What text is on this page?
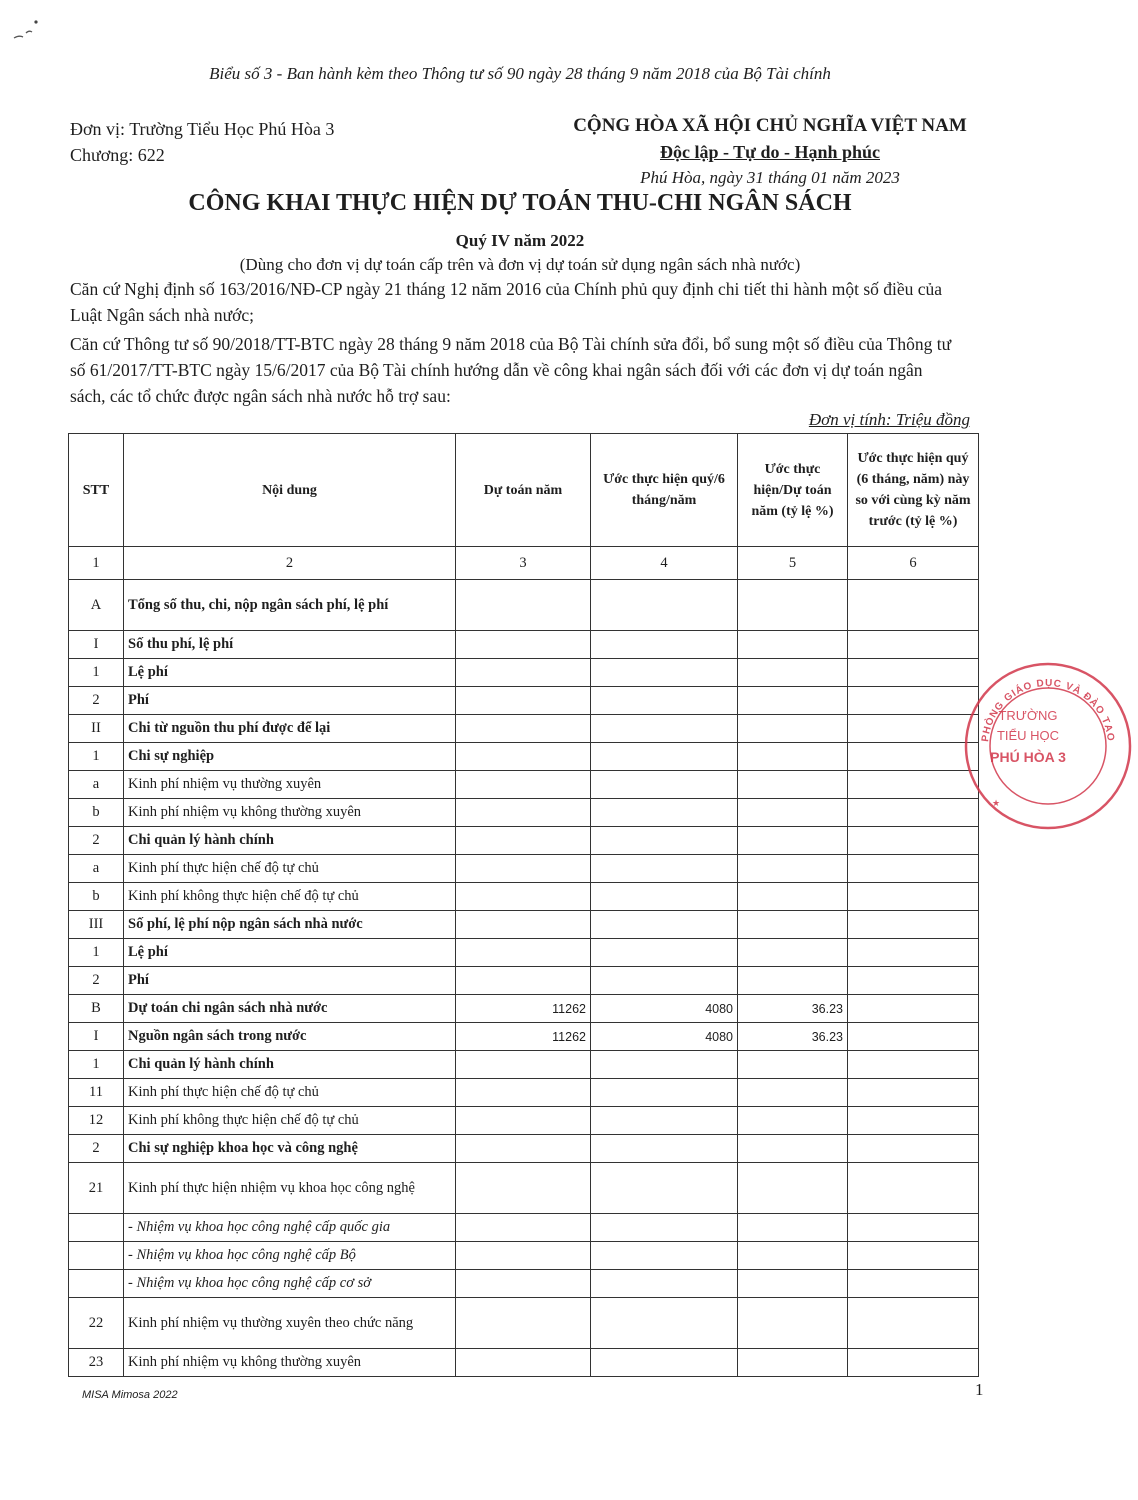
Biểu số 3 - Ban hành kèm theo Thông tư số 90 ngày 28 tháng 9 năm 2018 của Bộ Tài chính
Đơn vị: Trường Tiểu Học Phú Hòa 3
Chương: 622
CỘNG HÒA XÃ HỘI CHỦ NGHĨA VIỆT NAM
Độc lập - Tự do - Hạnh phúc
Phú Hòa, ngày 31 tháng 01 năm 2023
CÔNG KHAI THỰC HIỆN DỰ TOÁN THU-CHI NGÂN SÁCH
Quý IV năm 2022
(Dùng cho đơn vị dự toán cấp trên và đơn vị dự toán sử dụng ngân sách nhà nước)
Căn cứ Nghị định số 163/2016/NĐ-CP ngày 21 tháng 12 năm 2016 của Chính phủ quy định chi tiết thi hành một số điều của Luật Ngân sách nhà nước;
Căn cứ Thông tư số 90/2018/TT-BTC ngày 28 tháng 9 năm 2018 của Bộ Tài chính sửa đổi, bổ sung một số điều của Thông tư số 61/2017/TT-BTC ngày 15/6/2017 của Bộ Tài chính hướng dẫn về công khai ngân sách đối với các đơn vị dự toán ngân sách, các tổ chức được ngân sách nhà nước hỗ trợ sau:
Đơn vị tính: Triệu đồng
STT	Nội dung	Dự toán năm	Ước thực hiện quý/6 tháng/năm	Ước thực hiện/Dự toán năm (tỷ lệ %)	Ước thực hiện quý (6 tháng, năm) này so với cùng kỳ năm trước (tỷ lệ %)
1	2	3	4	5	6
A	Tổng số thu, chi, nộp ngân sách phí, lệ phí				
I	Số thu phí, lệ phí				
1	Lệ phí				
2	Phí				
II	Chi từ nguồn thu phí được để lại				
1	Chi sự nghiệp				
a	Kinh phí nhiệm vụ thường xuyên				
b	Kinh phí nhiệm vụ không thường xuyên				
2	Chi quản lý hành chính				
a	Kinh phí thực hiện chế độ tự chủ				
b	Kinh phí không thực hiện chế độ tự chủ				
III	Số phí, lệ phí nộp ngân sách nhà nước				
1	Lệ phí				
2	Phí				
B	Dự toán chi ngân sách nhà nước	11262	4080	36.23	
I	Nguồn ngân sách trong nước	11262	4080	36.23	
1	Chi quản lý hành chính				
11	Kinh phí thực hiện chế độ tự chủ				
12	Kinh phí không thực hiện chế độ tự chủ				
2	Chi sự nghiệp khoa học và công nghệ				
21	Kinh phí thực hiện nhiệm vụ khoa học công nghệ				
	- Nhiệm vụ khoa học công nghệ cấp quốc gia				
	- Nhiệm vụ khoa học công nghệ cấp Bộ				
	- Nhiệm vụ khoa học công nghệ cấp cơ sở				
22	Kinh phí nhiệm vụ thường xuyên theo chức năng				
23	Kinh phí nhiệm vụ không thường xuyên				
PHÒNG GIÁO DỤC VÀ ĐÀO TẠO
TRƯỜNG
TIỂU HỌC
PHÚ HÒA 3
★
MISA Mimosa 2022	1
